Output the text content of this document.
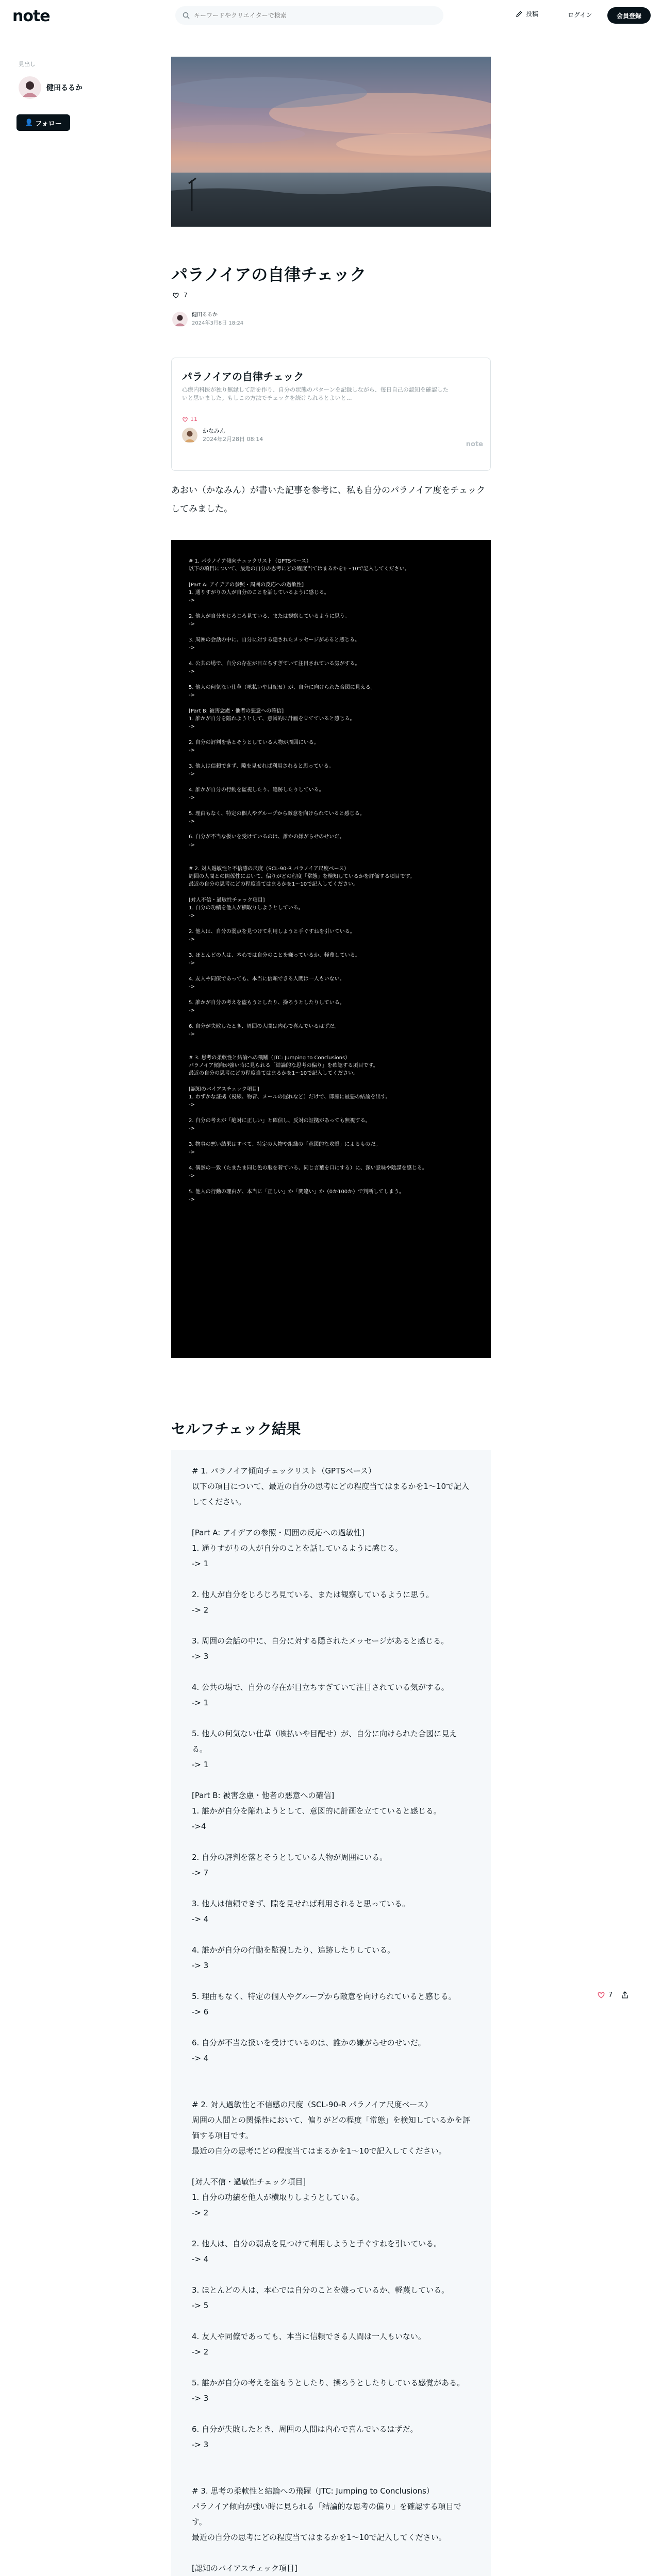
note
キーワードやクリエイターで検索	投稿	ログイン	会員登録
見出し
健田るるか
👤 フォロー
パラノイアの自律チェック
7
健田るるか
2024年3月8日 18:24
パラノイアの自律チェック
心療内科医が独り無縁して話を作り、自分の状態のパターンを記録しながら、毎日自己の認知を確認したいと思いました。もしこの方法でチェックを続けられるとよいと…
11
かなみん
2024年2月28日 08:14
note
あおい（かなみん）が書いた記事を参考に、私も自分のパラノイア度をチェックしてみました。
# 1. パラノイア傾向チェックリスト（GPTSベース）
以下の項目について、最近の自分の思考にどの程度当てはまるかを1〜10で記入してください。

[Part A: アイデアの参照・周囲の反応への過敏性]
1. 通りすがりの人が自分のことを話しているように感じる。
->

2. 他人が自分をじろじろ見ている、または観察しているように思う。
->

3. 周囲の会話の中に、自分に対する隠されたメッセージがあると感じる。
->

4. 公共の場で、自分の存在が目立ちすぎていて注目されている気がする。
->

5. 他人の何気ない仕草（咳払いや目配せ）が、自分に向けられた合図に見える。
->

[Part B: 被害念慮・他者の悪意への確信]
1. 誰かが自分を陥れようとして、意図的に計画を立てていると感じる。
->

2. 自分の評判を落とそうとしている人物が周囲にいる。
->

3. 他人は信頼できず、隙を見せれば利用されると思っている。
->

4. 誰かが自分の行動を監視したり、追跡したりしている。
->

5. 理由もなく、特定の個人やグループから敵意を向けられていると感じる。
->

6. 自分が不当な扱いを受けているのは、誰かの嫌がらせのせいだ。
->

# 2. 対人過敏性と不信感の尺度（SCL-90-R パラノイア尺度ベース）
周囲の人間との関係性において、偏りがどの程度「常態」を検知しているかを評価する項目です。
最近の自分の思考にどの程度当てはまるかを1〜10で記入してください。

[対人不信・過敏性チェック項目]
1. 自分の功績を他人が横取りしようとしている。
->

2. 他人は、自分の弱点を見つけて利用しようと手ぐすねを引いている。
->

3. ほとんどの人は、本心では自分のことを嫌っているか、軽蔑している。
->

4. 友人や同僚であっても、本当に信頼できる人間は一人もいない。
->

5. 誰かが自分の考えを盗もうとしたり、操ろうとしたりしている。
->

6. 自分が失敗したとき、周囲の人間は内心で喜んでいるはずだ。
->

# 3. 思考の柔軟性と結論への飛躍（JTC: Jumping to Conclusions）
パラノイア傾向が強い時に見られる「結論的な思考の偏り」を確認する項目です。
最近の自分の思考にどの程度当てはまるかを1〜10で記入してください。

[認知のバイアスチェック項目]
1. わずかな証拠（視線、物音、メールの遅れなど）だけで、即座に最悪の結論を出す。
->

2. 自分の考えが「絶対に正しい」と確信し、反対の証拠があっても無視する。
->

3. 物事の悪い結果はすべて、特定の人物や組織の「意図的な攻撃」によるものだ。
->

4. 偶然の一致（たまたま同じ色の服を着ている、同じ言葉を口にする）に、深い意味や陰謀を感じる。
->

5. 他人の行動の理由が、本当に「正しい」か「間違い」か（0か100か）で判断してしまう。
->
セルフチェック結果
# 1. パラノイア傾向チェックリスト（GPTSベース）
以下の項目について、最近の自分の思考にどの程度当てはまるかを1〜10で記入してください。

[Part A: アイデアの参照・周囲の反応への過敏性]
1. 通りすがりの人が自分のことを話しているように感じる。
-> 1

2. 他人が自分をじろじろ見ている、または観察しているように思う。
-> 2

3. 周囲の会話の中に、自分に対する隠されたメッセージがあると感じる。
-> 3

4. 公共の場で、自分の存在が目立ちすぎていて注目されている気がする。
-> 1

5. 他人の何気ない仕草（咳払いや目配せ）が、自分に向けられた合図に見える。
-> 1

[Part B: 被害念慮・他者の悪意への確信]
1. 誰かが自分を陥れようとして、意図的に計画を立てていると感じる。
->4

2. 自分の評判を落とそうとしている人物が周囲にいる。
-> 7

3. 他人は信頼できず、隙を見せれば利用されると思っている。
-> 4

4. 誰かが自分の行動を監視したり、追跡したりしている。
-> 3

5. 理由もなく、特定の個人やグループから敵意を向けられていると感じる。
-> 6

6. 自分が不当な扱いを受けているのは、誰かの嫌がらせのせいだ。
-> 4

# 2. 対人過敏性と不信感の尺度（SCL-90-R パラノイア尺度ベース）
周囲の人間との関係性において、偏りがどの程度「常態」を検知しているかを評価する項目です。
最近の自分の思考にどの程度当てはまるかを1〜10で記入してください。

[対人不信・過敏性チェック項目]
1. 自分の功績を他人が横取りしようとしている。
-> 2

2. 他人は、自分の弱点を見つけて利用しようと手ぐすねを引いている。
-> 4

3. ほとんどの人は、本心では自分のことを嫌っているか、軽蔑している。
-> 5

4. 友人や同僚であっても、本当に信頼できる人間は一人もいない。
-> 2

5. 誰かが自分の考えを盗もうとしたり、操ろうとしたりしている感覚がある。
-> 3

6. 自分が失敗したとき、周囲の人間は内心で喜んでいるはずだ。
-> 3

# 3. 思考の柔軟性と結論への飛躍（JTC: Jumping to Conclusions）
パラノイア傾向が強い時に見られる「結論的な思考の偏り」を確認する項目です。
最近の自分の思考にどの程度当てはまるかを1〜10で記入してください。

[認知のバイアスチェック項目]

7
